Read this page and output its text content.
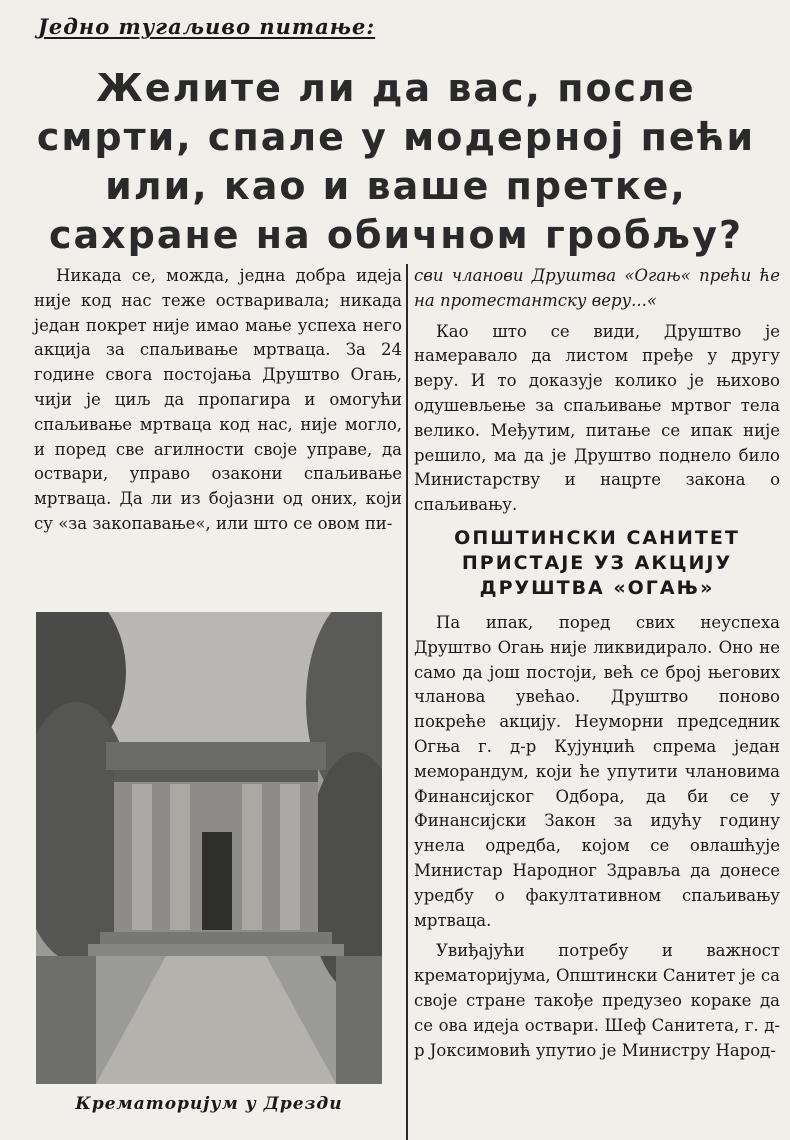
Једно тугаљиво питање:

Желите ли да вас, после смрти, спале у модерној пећи или, као и ваше претке, сахране на обичном гробљу?

Никада се, можда, једна добра идеја није код нас теже остваривала; никада један покрет није имао мање успеха него акција за спаљивање мртваца. За 24 године свога постојања Друштво Огањ, чији је циљ да пропагира и омогући спаљивање мртваца код нас, није могло, и поред све агилности своје управе, да оствари, управо озакони спаљивање мртваца. Да ли из бојазни од оних, који су «за закопавање«, или што се овом пи-

Крематоријум у Дрезди

сви чланови Друштва «Огањ« прећи ће на протестантску веру...«

Као што се види, Друштво је намеравало да листом пређе у другу веру. И то доказује колико је њихово одушевљење за спаљивање мртвог тела велико. Међутим, питање се ипак није решило, ма да је Друштво поднело било Министарству и нацрте закона о спаљивању.

ОПШТИНСКИ САНИТЕТ
ПРИСТАЈЕ УЗ АКЦИЈУ
ДРУШТВА «ОГАЊ»

Па ипак, поред свих неуспеха Друштво Огањ није ликвидирало. Оно не само да још постоји, већ се број његових чланова увећао. Друштво поново покреће акцију. Неуморни председник Огња г. д-р Кујунџић спрема један меморандум, који ће упутити члановима Финансијског Одбора, да би се у Финансијски Закон за идућу годину унела одредба, којом се овлашћује Министар Народног Здравља да донесе уредбу о факултативном спаљивању мртваца.

Увиђајући потребу и важност крематоријума, Општински Санитет је са своје стране такође предузео кораке да се ова идеја оствари. Шеф Санитета, г. д-р Јоксимовић упутио је Министру Народ-
